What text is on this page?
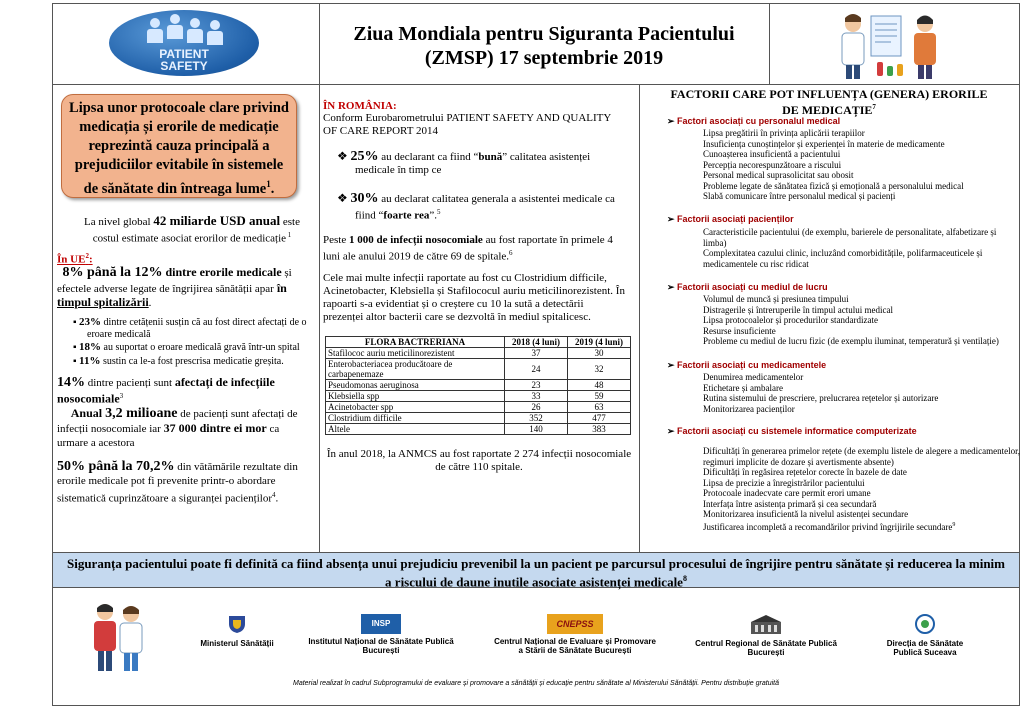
PATIENT
SAFETY
Ziua Mondiala pentru Siguranta Pacientului
(ZMSP) 17 septembrie 2019
Lipsa unor protocoale clare privind
medicația și erorile de medicație
reprezintă cauza principală a
prejudiciilor evitabile în sistemele
de sănătate din întreaga lume$^1$.
La nivel global 42 miliarde USD anual este
costul estimate asociat erorilor de medicație $^1$
În $UE^2$:
8% până la 12% dintre erorile medicale și
efectele adverse legate de îngrijirea sănătății apar în
timpul spitalizării.
▪ 23% dintre cetățenii susțin că au fost direct afectați de o
eroare medicală
▪ 18% au suportat o eroare medicală gravă într-un spital
▪ 11% sustin ca le-a fost prescrisa medicatie greșita.
14% dintre pacienți sunt afectați de infecțiile
nosocomiale$^3$
Anual 3,2 milioane de pacienți sunt afectați de
infecții nosocomiale iar 37 000 dintre ei mor ca
urmare a acestora
50% până la 70,2% din vătămările rezultate din
erorile medicale pot fi prevenite printr-o abordare
sistematică cuprinzătoare a siguranței pacienților$^4$.
ÎN ROMÂNIA:
Conform Eurobarometrului PATIENT SAFETY AND QUALITY
OF CARE REPORT 2014
❖ 25% au declarant ca fiind “bună” calitatea asistenței
medicale în timp ce
❖ 30% au declarat calitatea generala a asistentei medicale ca
fiind “foarte rea”.$^5$
Peste 1 000 de infecții nosocomiale au fost raportate în primele 4
luni ale anului 2019 de către 69 de spitale.$^6$
Cele mai multe infecții raportate au fost cu Clostridium difficile,
Acinetobacter, Klebsiella și Stafilococul auriu meticilinorezistent. În
rapoarti s-a evidentiat și o creștere cu 10 la sută a detectării
prezenței altor bacterii care se dezvoltă în mediul spitalicesc.
FLORA BACTRERIANA	2018 (4 luni)	2019 (4 luni)
Stafilococ auriu meticilinorezistent	37	30
Enterobacteriacea producătoare de carbapenemaze	24	32
Pseudomonas aeruginosa	23	48
Klebsiella spp	33	59
Acinetobacter spp	26	63
Clostridium difficile	352	477
Altele	140	383
În anul 2018, la ANMCS au fost raportate 2 274 infecții nosocomiale
de către 110 spitale.
FACTORII CARE POT INFLUENȚA (GENERA) ERORILE
DE MEDICAȚIE$^7$
➢ Factori asociați cu personalul medical
Lipsa pregătirii în privința aplicării terapiilor
Insuficiența cunoștințelor și experienței în materie de medicamente
Cunoașterea insuficientă a pacientului
Percepția necorespunzătoare a riscului
Personal medical suprasolicitat sau obosit
Probleme legate de sănătatea fizică și emoțională a personalului medical
Slabă comunicare între personalul medical și pacienți
➢ Factorii asociați pacienților
Caracteristicile pacientului (de exemplu, barierele de personalitate, alfabetizare și
limba)
Complexitatea cazului clinic, incluzând comorbiditățile, polifarmaceuticele și
medicamentele cu risc ridicat
➢ Factorii asociați cu mediul de lucru
Volumul de muncă și presiunea timpului
Distragerile și întreruperile în timpul actului medical
Lipsa protocoalelor și procedurilor standardizate
Resurse insuficiente
Probleme cu mediul de lucru fizic (de exemplu iluminat, temperatură și ventilație)
➢ Factorii asociați cu medicamentele
Denumirea medicamentelor
Etichetare și ambalare
Rutina sistemului de prescriere, prelucrarea rețetelor și autorizare
Monitorizarea pacienților
➢ Factorii asociați cu sistemele informatice computerizate
Dificultăți în generarea primelor rețete (de exemplu listele de alegere a medicamentelor,
regimuri implicite de dozare și avertismente absente)
Dificultăți în regăsirea rețetelor corecte în bazele de date
Lipsa de precizie a înregistrărilor pacientului
Protocoale inadecvate care permit erori umane
Interfața între asistența primară și cea secundară
Monitorizarea insuficientă la nivelul asistenței secundare
Justificarea incompletă a recomandărilor privind îngrijirile secundare$^9$
Siguranța pacientului poate fi definită ca fiind absența unui prejudiciu prevenibil la un pacient pe parcursul procesului de îngrijire pentru sănătate și reducerea la minim
a riscului de daune inutile asociate asistenței medicale$^8$
Ministerul Sănătății
INSP
Institutul Național de Sănătate Publică
București
CNEPSS
Centrul Național de Evaluare și Promovare
a Stării de Sănătate București
Centrul Regional de Sănătate Publică
București
Direcția de Sănătate
Publică Suceava
Material realizat în cadrul Subprogramului de evaluare și promovare a sănătății și educație pentru sănătate al Ministerului Sănătății. Pentru distribuție gratuită
